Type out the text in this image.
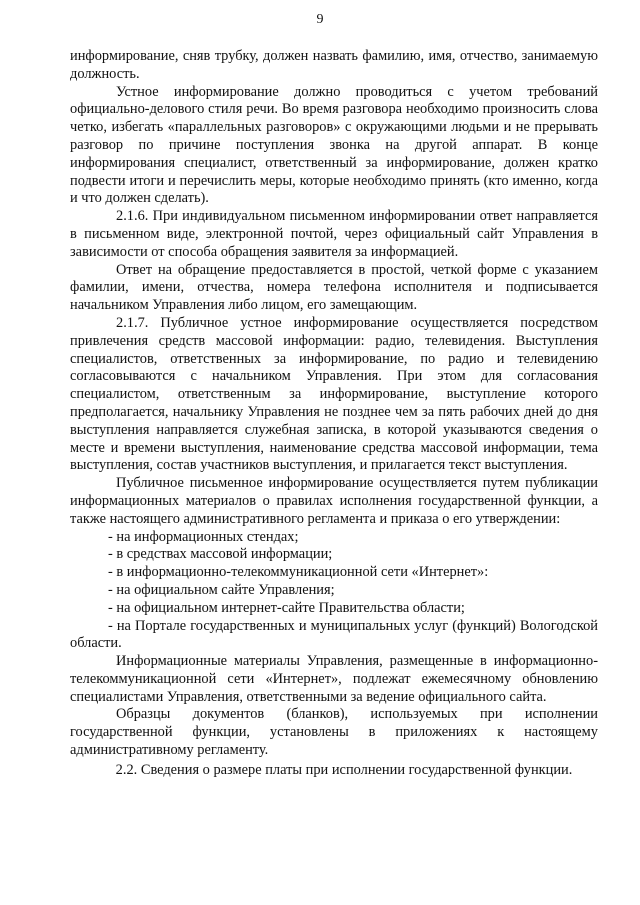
9

информирование, сняв трубку, должен назвать фамилию, имя, отчество, занимаемую должность.

Устное информирование должно проводиться с учетом требований официально-делового стиля речи. Во время разговора необходимо произносить слова четко, избегать «параллельных разговоров» с окружающими людьми и не прерывать разговор по причине поступления звонка на другой аппарат. В конце информирования специалист, ответственный за информирование, должен кратко подвести итоги и перечислить меры, которые необходимо принять (кто именно, когда и что должен сделать).

2.1.6. При индивидуальном письменном информировании ответ направляется в письменном виде, электронной почтой, через официальный сайт Управления в зависимости от способа обращения заявителя за информацией.

Ответ на обращение предоставляется в простой, четкой форме с указанием фамилии, имени, отчества, номера телефона исполнителя и подписывается начальником Управления либо лицом, его замещающим.

2.1.7. Публичное устное информирование осуществляется посредством привлечения средств массовой информации: радио, телевидения. Выступления специалистов, ответственных за информирование, по радио и телевидению согласовываются с начальником Управления. При этом для согласования специалистом, ответственным за информирование, выступление которого предполагается, начальнику Управления не позднее чем за пять рабочих дней до дня выступления направляется служебная записка, в которой указываются сведения о месте и времени выступления, наименование средства массовой информации, тема выступления, состав участников выступления, и прилагается текст выступления.

Публичное письменное информирование осуществляется путем публикации информационных материалов о правилах исполнения государственной функции, а также настоящего административного регламента и приказа о его утверждении:

- на информационных стендах;

- в средствах массовой информации;

- в информационно-телекоммуникационной сети «Интернет»:

- на официальном сайте Управления;

- на официальном интернет-сайте Правительства области;

- на Портале государственных и муниципальных услуг (функций) Вологодской области.

Информационные материалы Управления, размещенные в информационно-телекоммуникационной сети «Интернет», подлежат ежемесячному обновлению специалистами Управления, ответственными за ведение официального сайта.

Образцы документов (бланков), используемых при исполнении государственной функции, установлены в приложениях к настоящему административному регламенту.

2.2. Сведения о размере платы при исполнении государственной функции.
